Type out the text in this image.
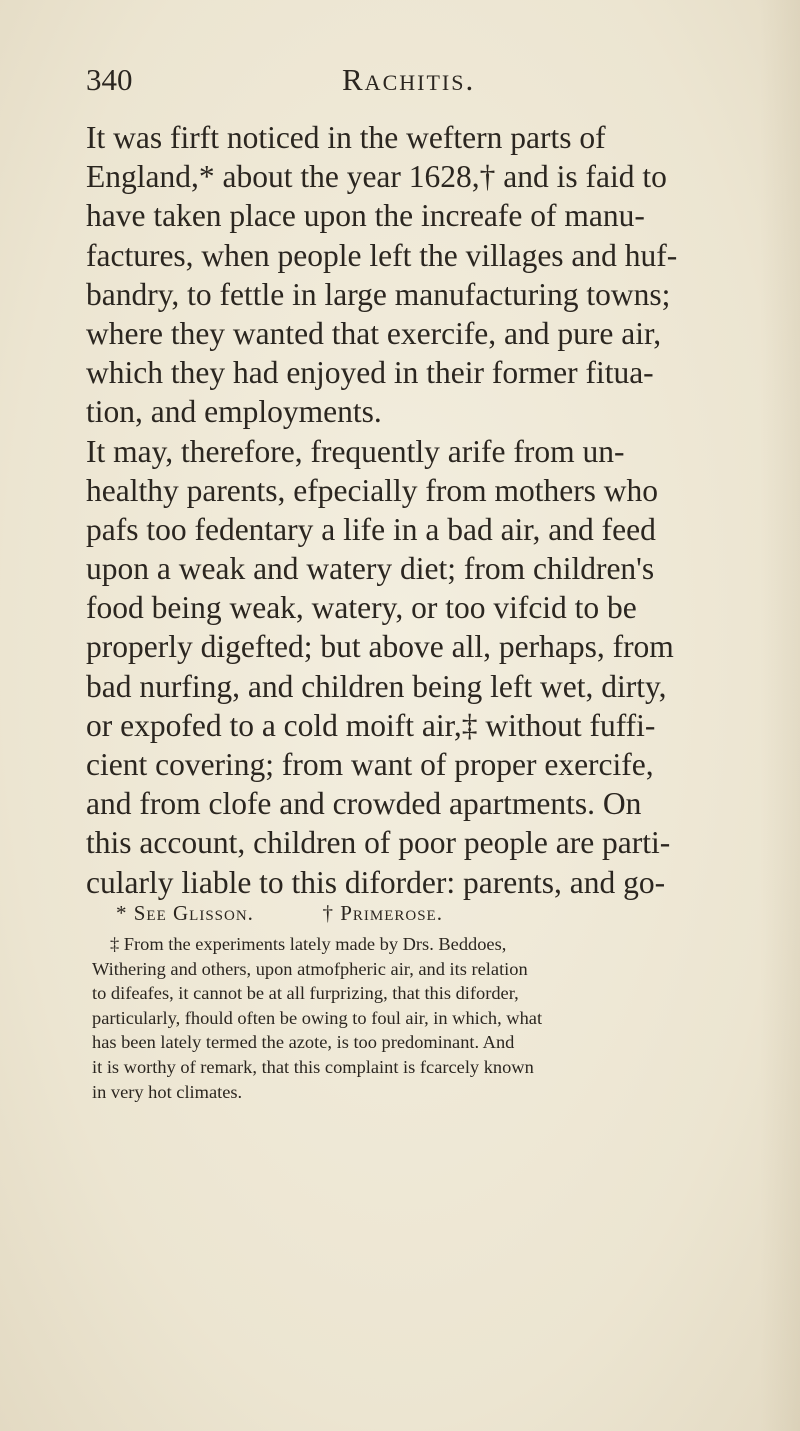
340	Rachitis.
It was firft noticed in the weftern parts of
England,* about the year 1628,† and is faid to
have taken place upon the increafe of manu-
factures, when people left the villages and huf-
bandry, to fettle in large manufacturing towns;
where they wanted that exercife, and pure air,
which they had enjoyed in their former fitua-
tion, and employments.
It may, therefore, frequently arife from un-
healthy parents, efpecially from mothers who
pafs too fedentary a life in a bad air, and feed
upon a weak and watery diet; from children's
food being weak, watery, or too vifcid to be
properly digefted; but above all, perhaps, from
bad nurfing, and children being left wet, dirty,
or expofed to a cold moift air,‡ without fuffi-
cient covering; from want of proper exercife,
and from clofe and crowded apartments. On
this account, children of poor people are parti-
cularly liable to this diforder: parents, and go-
* See Glisson.	† Primerose.
‡ From the experiments lately made by Drs. Beddoes,
Withering and others, upon atmofpheric air, and its relation
to difeafes, it cannot be at all furprizing, that this diforder,
particularly, fhould often be owing to foul air, in which, what
has been lately termed the azote, is too predominant. And
it is worthy of remark, that this complaint is fcarcely known
in very hot climates.
